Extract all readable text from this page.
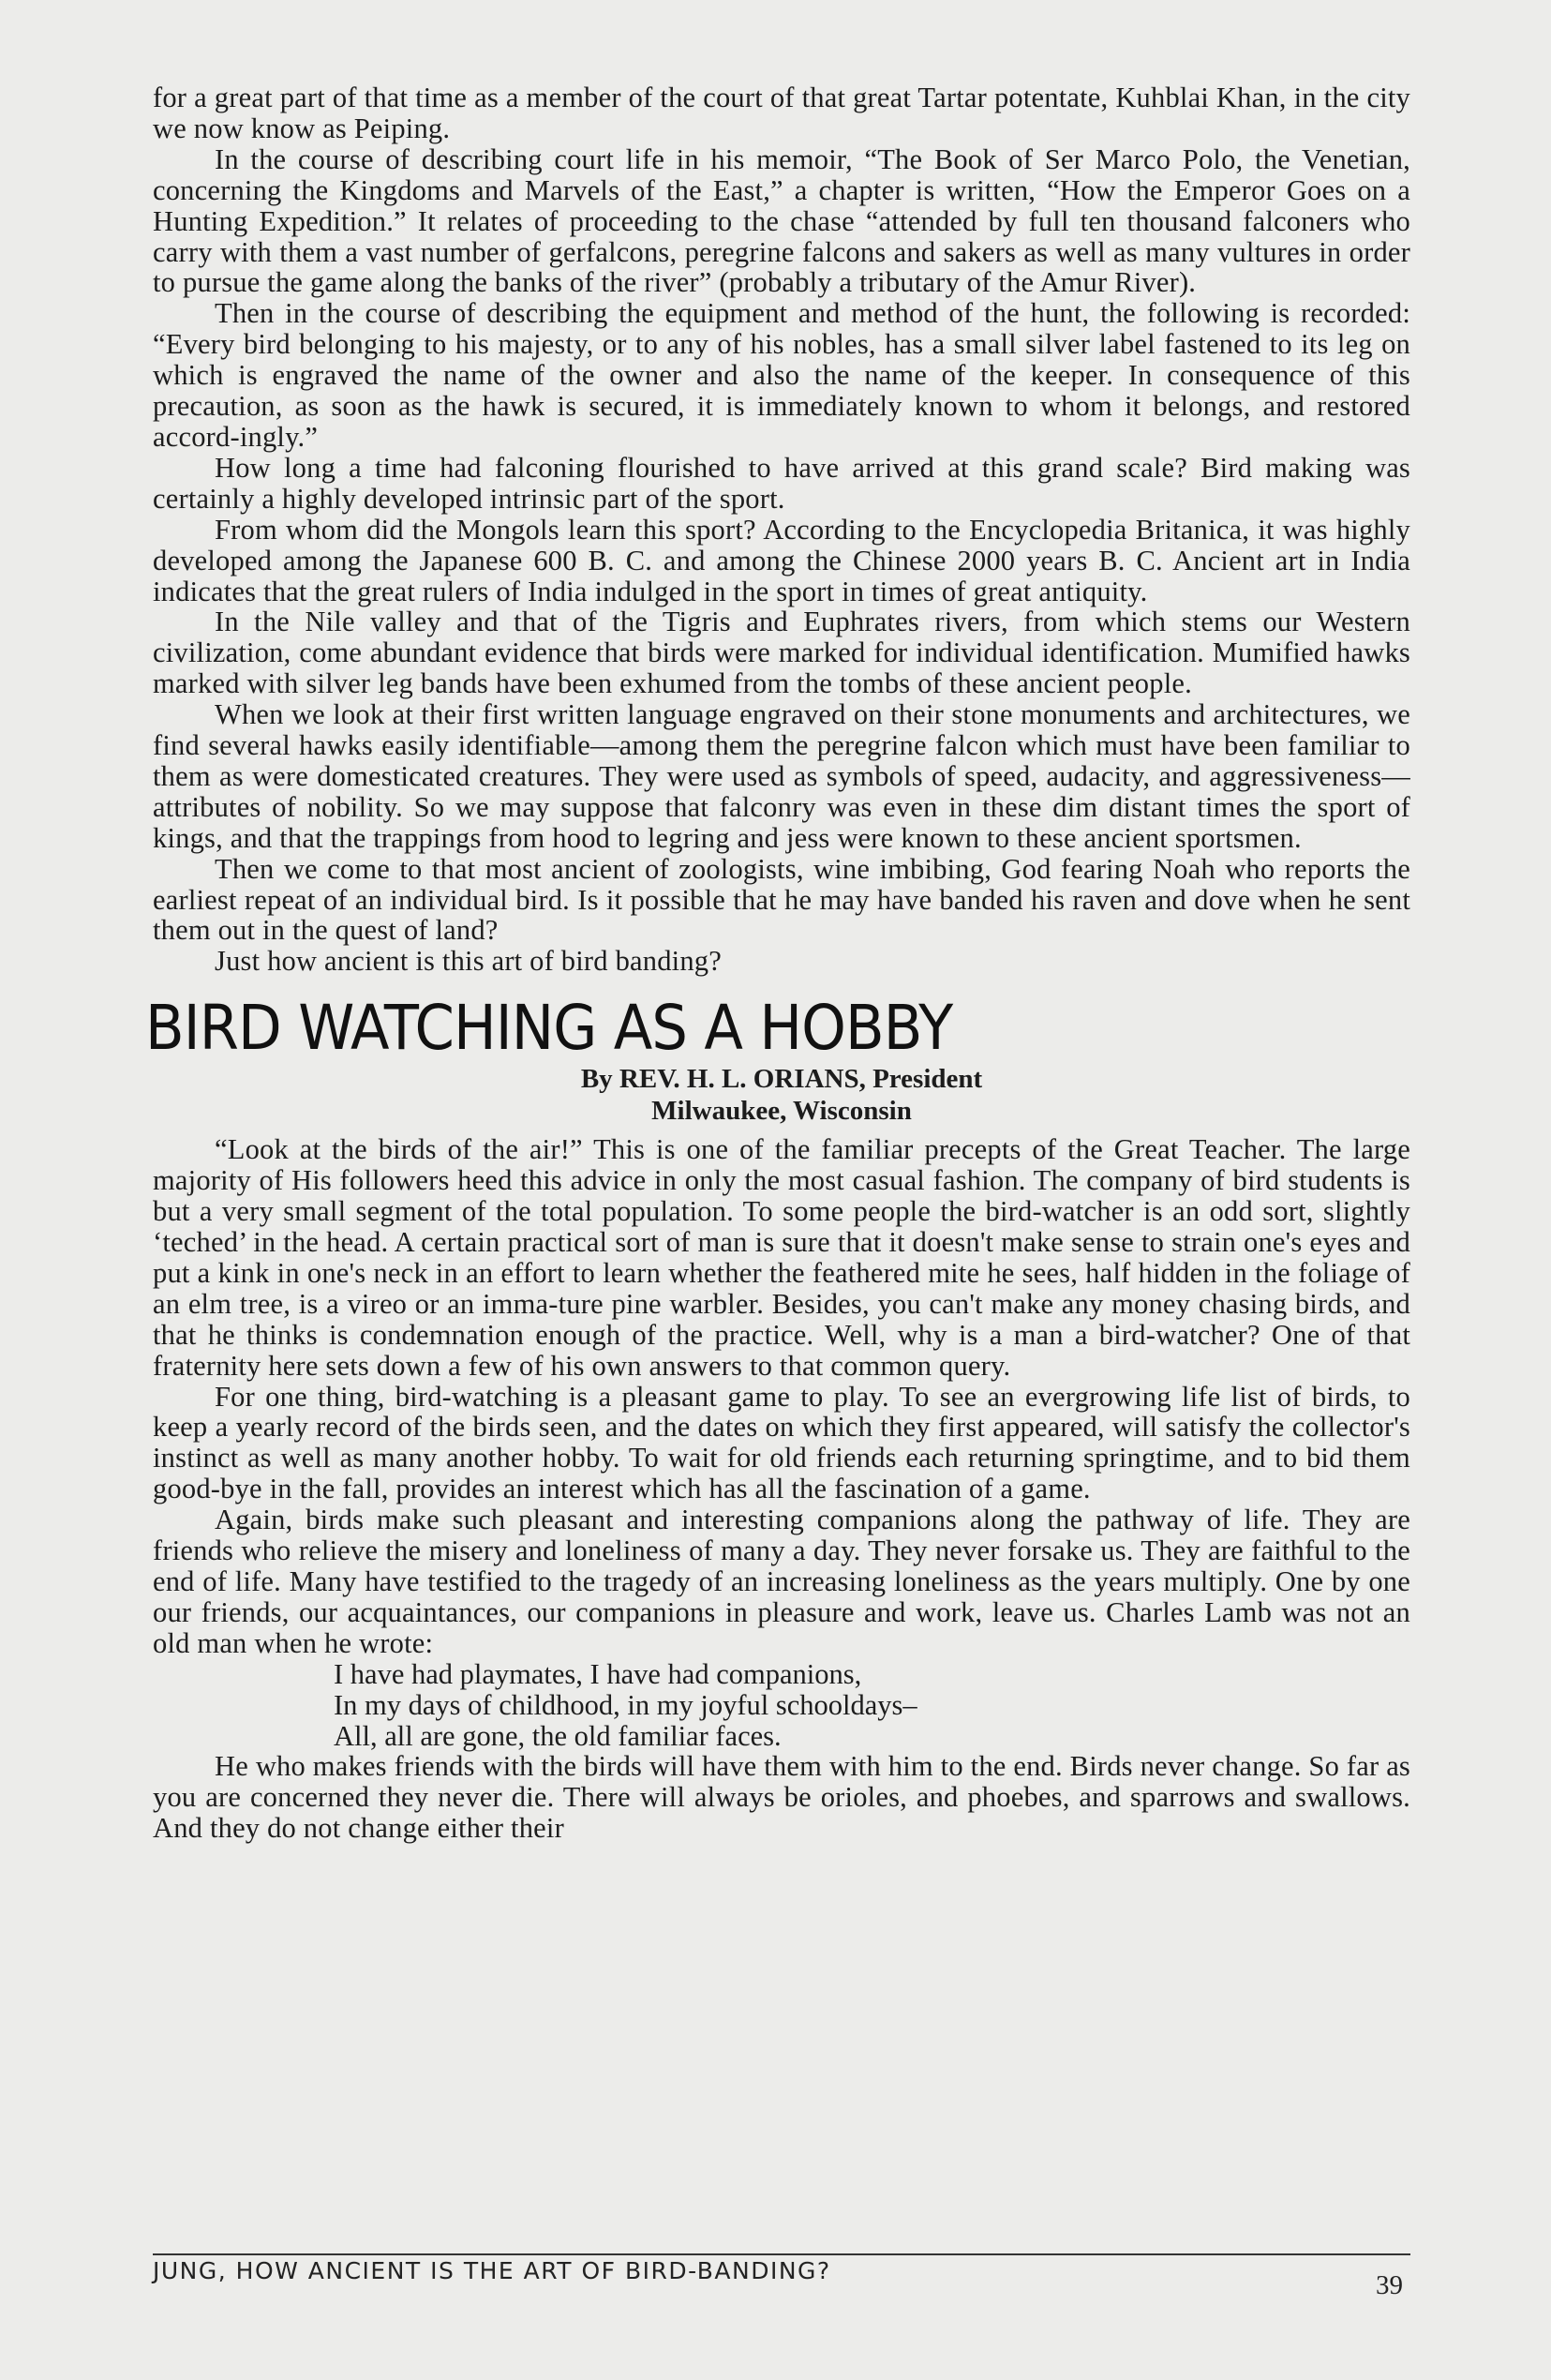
for a great part of that time as a member of the court of that great Tartar potentate, Kuhblai Khan, in the city we now know as Peiping.

In the course of describing court life in his memoir, “The Book of Ser Marco Polo, the Venetian, concerning the Kingdoms and Marvels of the East,” a chapter is written, “How the Emperor Goes on a Hunting Expedition.” It relates of proceeding to the chase “attended by full ten thousand falconers who carry with them a vast number of gerfalcons, peregrine falcons and sakers as well as many vultures in order to pursue the game along the banks of the river” (probably a tributary of the Amur River).

Then in the course of describing the equipment and method of the hunt, the following is recorded: “Every bird belonging to his majesty, or to any of his nobles, has a small silver label fastened to its leg on which is engraved the name of the owner and also the name of the keeper. In consequence of this precaution, as soon as the hawk is secured, it is immediately known to whom it belongs, and restored accord-ingly.”

How long a time had falconing flourished to have arrived at this grand scale? Bird making was certainly a highly developed intrinsic part of the sport.

From whom did the Mongols learn this sport? According to the Encyclopedia Britanica, it was highly developed among the Japanese 600 B. C. and among the Chinese 2000 years B. C. Ancient art in India indicates that the great rulers of India indulged in the sport in times of great antiquity.

In the Nile valley and that of the Tigris and Euphrates rivers, from which stems our Western civilization, come abundant evidence that birds were marked for individual identification. Mumified hawks marked with silver leg bands have been exhumed from the tombs of these ancient people.

When we look at their first written language engraved on their stone monuments and architectures, we find several hawks easily identifiable—among them the peregrine falcon which must have been familiar to them as were domesticated creatures. They were used as symbols of speed, audacity, and aggressiveness—attributes of nobility. So we may suppose that falconry was even in these dim distant times the sport of kings, and that the trappings from hood to legring and jess were known to these ancient sportsmen.

Then we come to that most ancient of zoologists, wine imbibing, God fearing Noah who reports the earliest repeat of an individual bird. Is it possible that he may have banded his raven and dove when he sent them out in the quest of land?

Just how ancient is this art of bird banding?

BIRD WATCHING AS A HOBBY

By REV. H. L. ORIANS, President

Milwaukee, Wisconsin

“Look at the birds of the air!” This is one of the familiar precepts of the Great Teacher. The large majority of His followers heed this advice in only the most casual fashion. The company of bird students is but a very small segment of the total population. To some people the bird-watcher is an odd sort, slightly ‘teched’ in the head. A certain practical sort of man is sure that it doesn't make sense to strain one's eyes and put a kink in one's neck in an effort to learn whether the feathered mite he sees, half hidden in the foliage of an elm tree, is a vireo or an imma-ture pine warbler. Besides, you can't make any money chasing birds, and that he thinks is condemnation enough of the practice. Well, why is a man a bird-watcher? One of that fraternity here sets down a few of his own answers to that common query.

For one thing, bird-watching is a pleasant game to play. To see an evergrowing life list of birds, to keep a yearly record of the birds seen, and the dates on which they first appeared, will satisfy the collector's instinct as well as many another hobby. To wait for old friends each returning springtime, and to bid them good-bye in the fall, provides an interest which has all the fascination of a game.

Again, birds make such pleasant and interesting companions along the pathway of life. They are friends who relieve the misery and loneliness of many a day. They never forsake us. They are faithful to the end of life. Many have testified to the tragedy of an increasing loneliness as the years multiply. One by one our friends, our acquaintances, our companions in pleasure and work, leave us. Charles Lamb was not an old man when he wrote:

I have had playmates, I have had companions,
In my days of childhood, in my joyful schooldays–
All, all are gone, the old familiar faces.

He who makes friends with the birds will have them with him to the end. Birds never change. So far as you are concerned they never die. There will always be orioles, and phoebes, and sparrows and swallows. And they do not change either their

JUNG, HOW ANCIENT IS THE ART OF BIRD-BANDING?	39
